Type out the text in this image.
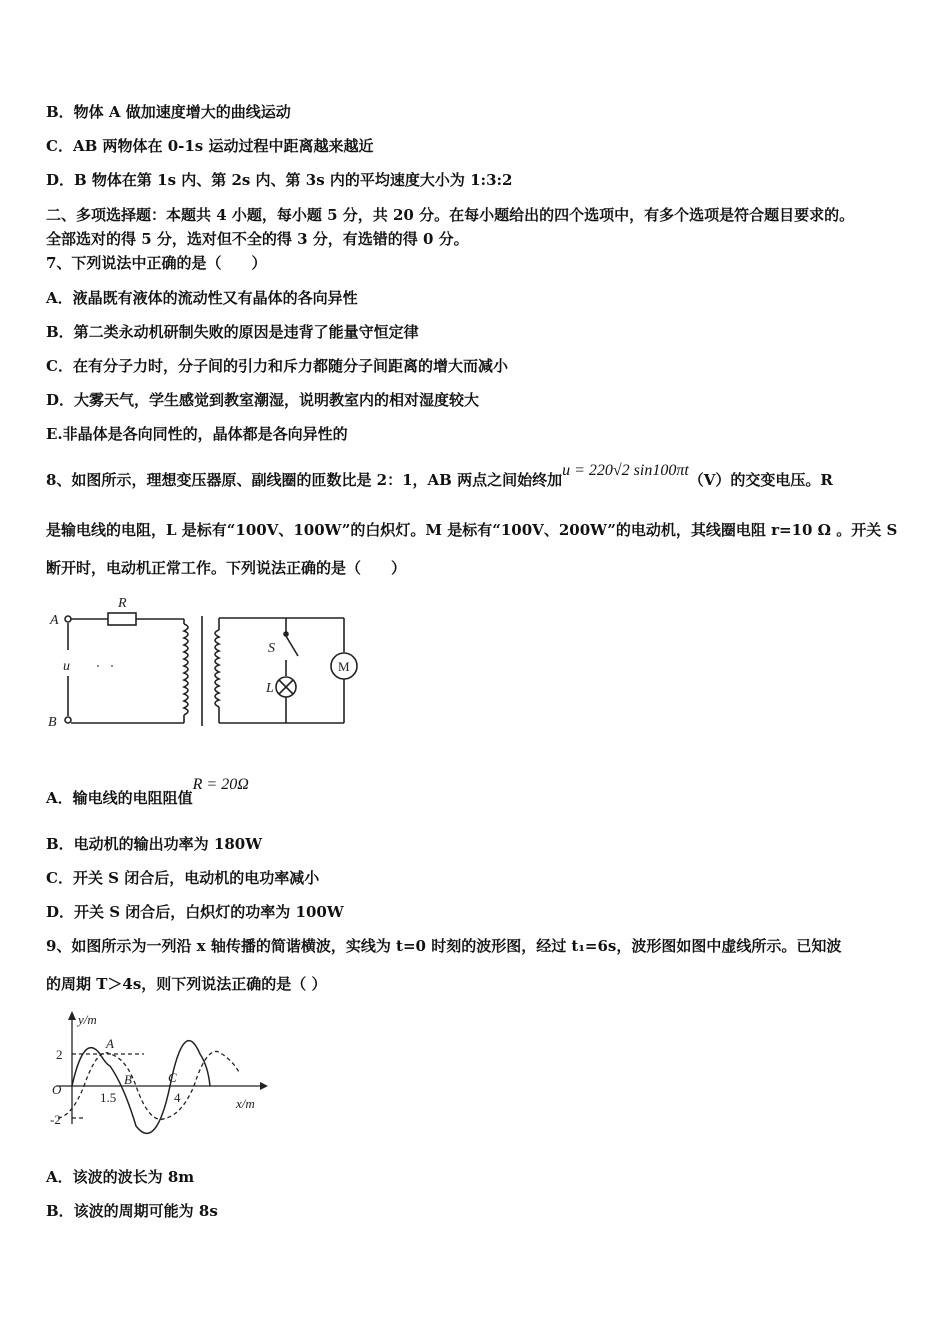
B．物体 A 做加速度增大的曲线运动
C．AB 两物体在 0-1s 运动过程中距离越来越近
D．B 物体在第 1s 内、第 2s 内、第 3s 内的平均速度大小为 1:3:2
二、多项选择题：本题共 4 小题，每小题 5 分，共 20 分。在每小题给出的四个选项中，有多个选项是符合题目要求的。
全部选对的得 5 分，选对但不全的得 3 分，有选错的得 0 分。
7、下列说法中正确的是（　　）
A．液晶既有液体的流动性又有晶体的各向异性
B．第二类永动机研制失败的原因是违背了能量守恒定律
C．在有分子力时，分子间的引力和斥力都随分子间距离的增大而减小
D．大雾天气，学生感觉到教室潮湿，说明教室内的相对湿度较大
E.非晶体是各向同性的，晶体都是各向异性的
8、如图所示，理想变压器原、副线圈的匝数比是 2：1，AB 两点之间始终加u = 220√2 sin100πt（V）的交变电压。R
是输电线的电阻，L 是标有“100V、100W”的白炽灯。M 是标有“100V、200W”的电动机，其线圈电阻 r=10 Ω 。开关 S
断开时，电动机正常工作。下列说法正确的是（　　）
A
B
R
u
S
L
M
A．输电线的电阻阻值R = 20Ω
B．电动机的输出功率为 180W
C．开关 S 闭合后，电动机的电功率减小
D．开关 S 闭合后，白炽灯的功率为 100W
9、如图所示为一列沿 x 轴传播的简谐横波，实线为 t=0 时刻的波形图，经过 t₁=6s，波形图如图中虚线所示。已知波
的周期 T＞4s，则下列说法正确的是（ ）
y/m
x/m
O
2
-2
1.5	4
A
B	C
A．该波的波长为 8m
B．该波的周期可能为 8s
